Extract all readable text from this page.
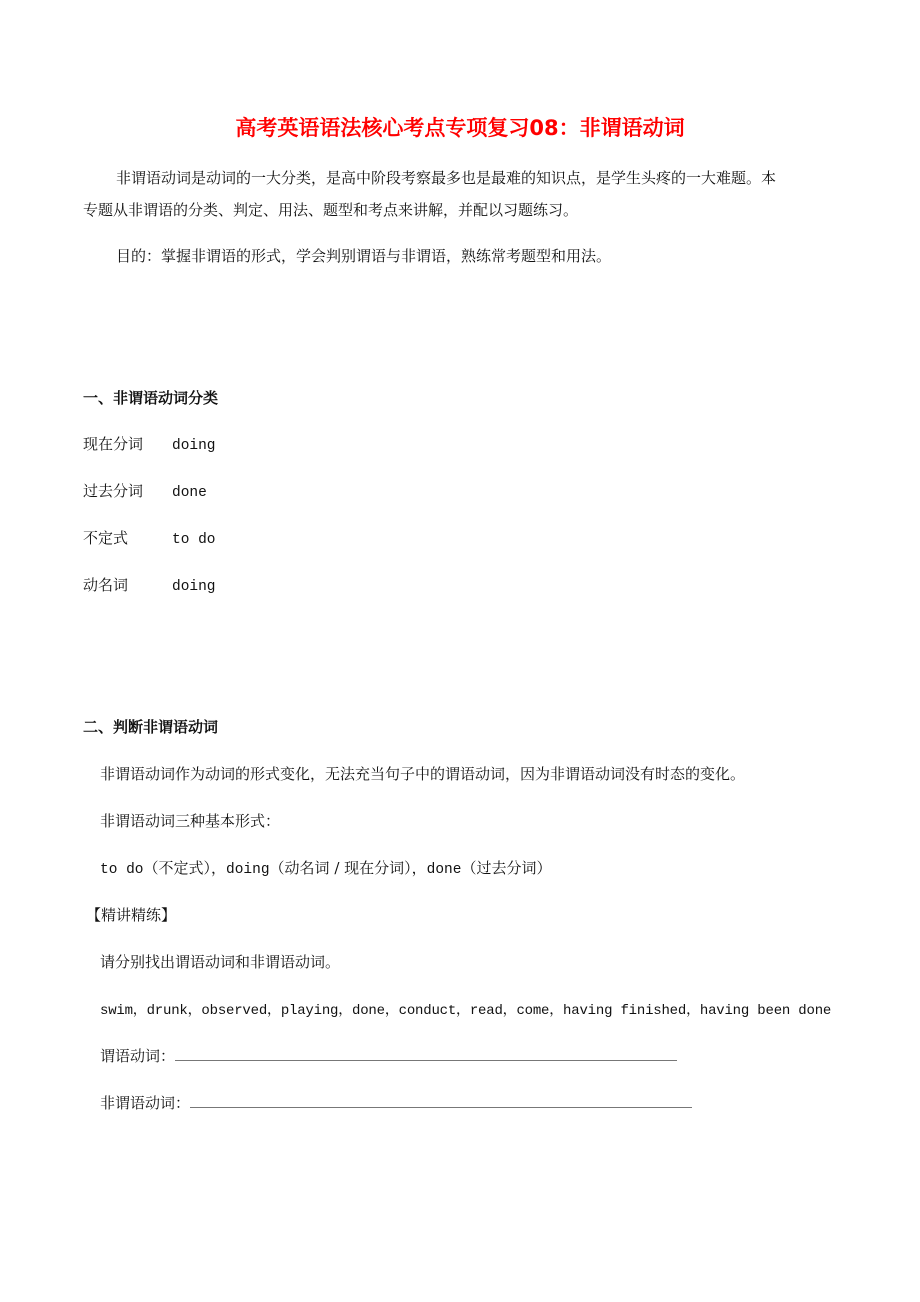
高考英语语法核心考点专项复习08：非谓语动词
非谓语动词是动词的一大分类，是高中阶段考察最多也是最难的知识点，是学生头疼的一大难题。本
专题从非谓语的分类、判定、用法、题型和考点来讲解，并配以习题练习。
目的：掌握非谓语的形式，学会判别谓语与非谓语，熟练常考题型和用法。
一、非谓语动词分类
现在分词 doing
过去分词 done
不定式	to do
动名词	doing
二、判断非谓语动词
非谓语动词作为动词的形式变化，无法充当句子中的谓语动词，因为非谓语动词没有时态的变化。
非谓语动词三种基本形式：
to do（不定式），doing（动名词 / 现在分词），done（过去分词）
【精讲精练】
请分别找出谓语动词和非谓语动词。
swim，drunk，observed，playing，done，conduct，read，come，having finished，having been done
谓语动词：
非谓语动词：
